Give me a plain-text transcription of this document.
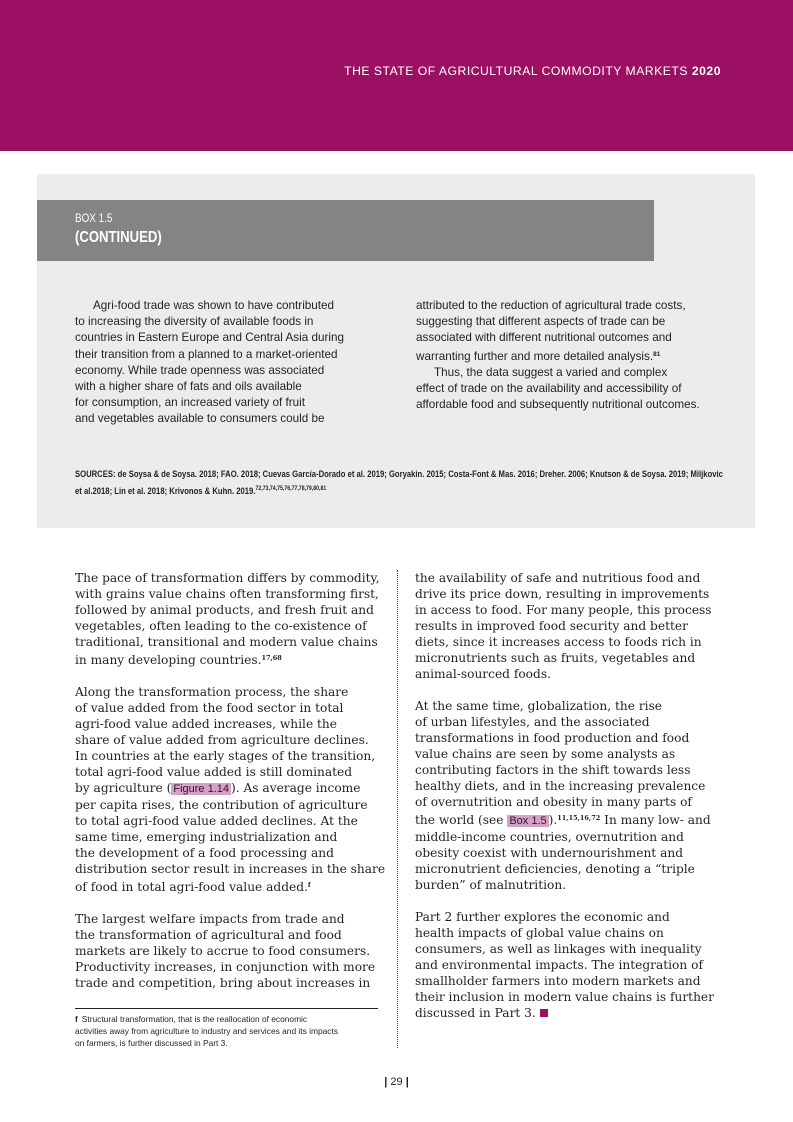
THE STATE OF AGRICULTURAL COMMODITY MARKETS 2020
BOX 1.5
(CONTINUED)
Agri-food trade was shown to have contributed
to increasing the diversity of available foods in
countries in Eastern Europe and Central Asia during
their transition from a planned to a market-oriented
economy. While trade openness was associated
with a higher share of fats and oils available
for consumption, an increased variety of fruit
and vegetables available to consumers could be
attributed to the reduction of agricultural trade costs,
suggesting that different aspects of trade can be
associated with different nutritional outcomes and
warranting further and more detailed analysis.$^{81}$
Thus, the data suggest a varied and complex
effect of trade on the availability and accessibility of
affordable food and subsequently nutritional outcomes.
SOURCES: de Soysa & de Soysa. 2018; FAO. 2018; Cuevas García-Dorado et al. 2019; Goryakin. 2015; Costa-Font & Mas. 2016; Dreher. 2006; Knutson & de Soysa. 2019; Miljkovic
et al.2018; Lin et al. 2018; Krivonos & Kuhn. 2019.$^{72,73,74,75,76,77,78,79,80,81}$
The pace of transformation differs by commodity,
with grains value chains often transforming first,
followed by animal products, and fresh fruit and
vegetables, often leading to the co-existence of
traditional, transitional and modern value chains
in many developing countries.$^{17,68}$
Along the transformation process, the share
of value added from the food sector in total
agri-food value added increases, while the
share of value added from agriculture declines.
In countries at the early stages of the transition,
total agri-food value added is still dominated
by agriculture ( Figure 1.14 ). As average income
per capita rises, the contribution of agriculture
to total agri-food value added declines. At the
same time, emerging industrialization and
the development of a food processing and
distribution sector result in increases in the share
of food in total agri-food value added.$^f$
The largest welfare impacts from trade and
the transformation of agricultural and food
markets are likely to accrue to food consumers.
Productivity increases, in conjunction with more
trade and competition, bring about increases in
the availability of safe and nutritious food and
drive its price down, resulting in improvements
in access to food. For many people, this process
results in improved food security and better
diets, since it increases access to foods rich in
micronutrients such as fruits, vegetables and
animal-sourced foods.
At the same time, globalization, the rise
of urban lifestyles, and the associated
transformations in food production and food
value chains are seen by some analysts as
contributing factors in the shift towards less
healthy diets, and in the increasing prevalence
of overnutrition and obesity in many parts of
the world (see Box 1.5 ).$^{11,15,16,72}$ In many low- and
middle-income countries, overnutrition and
obesity coexist with undernourishment and
micronutrient deficiencies, denoting a “triple
burden” of malnutrition.
Part 2 further explores the economic and
health impacts of global value chains on
consumers, as well as linkages with inequality
and environmental impacts. The integration of
smallholder farmers into modern markets and
their inclusion in modern value chains is further
discussed in Part 3.
f Structural transformation, that is the reallocation of economic
activities away from agriculture to industry and services and its impacts
on farmers, is further discussed in Part 3.
| 29 |
